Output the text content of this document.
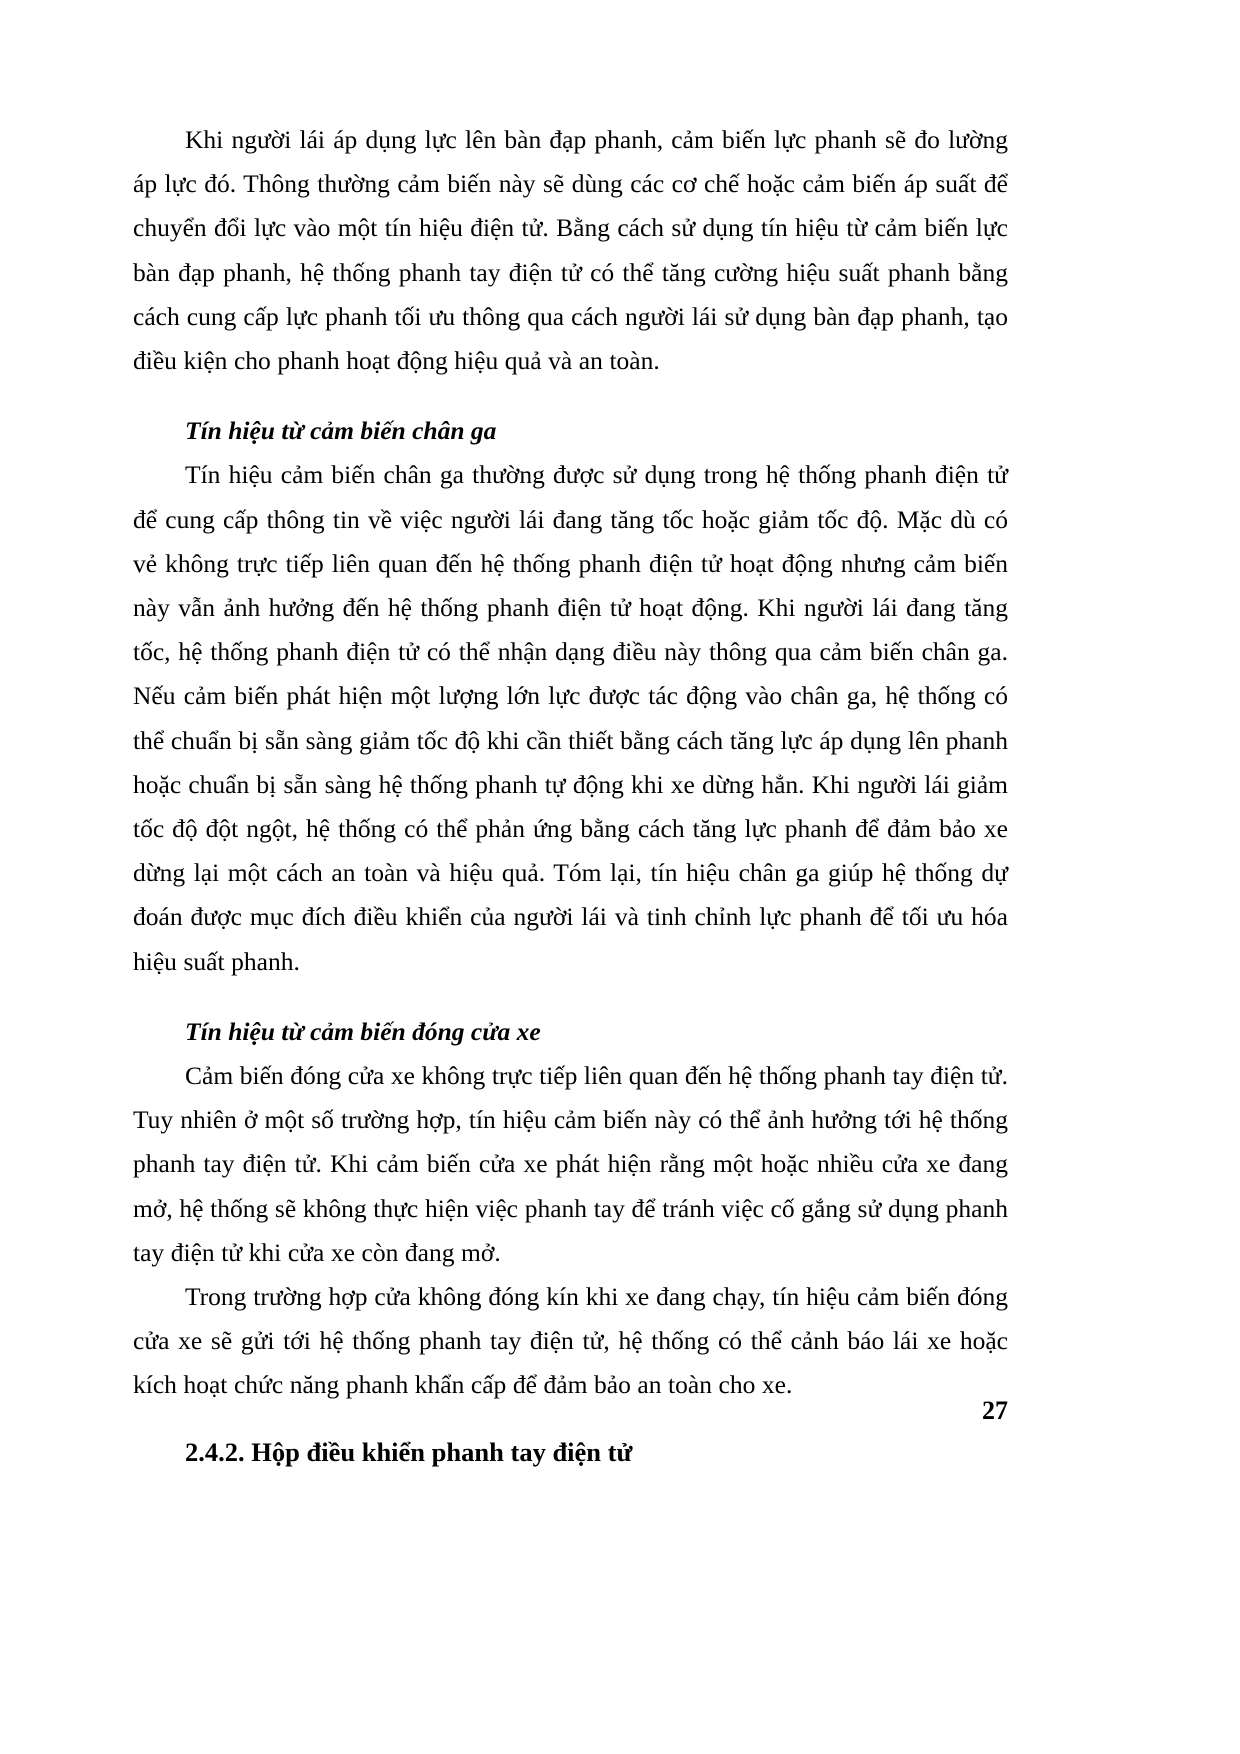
Khi người lái áp dụng lực lên bàn đạp phanh, cảm biến lực phanh sẽ đo lường áp lực đó. Thông thường cảm biến này sẽ dùng các cơ chế hoặc cảm biến áp suất để chuyển đổi lực vào một tín hiệu điện tử. Bằng cách sử dụng tín hiệu từ cảm biến lực bàn đạp phanh, hệ thống phanh tay điện tử có thể tăng cường hiệu suất phanh bằng cách cung cấp lực phanh tối ưu thông qua cách người lái sử dụng bàn đạp phanh, tạo điều kiện cho phanh hoạt động hiệu quả và an toàn.

Tín hiệu từ cảm biến chân ga

Tín hiệu cảm biến chân ga thường được sử dụng trong hệ thống phanh điện tử để cung cấp thông tin về việc người lái đang tăng tốc hoặc giảm tốc độ. Mặc dù có vẻ không trực tiếp liên quan đến hệ thống phanh điện tử hoạt động nhưng cảm biến này vẫn ảnh hưởng đến hệ thống phanh điện tử hoạt động. Khi người lái đang tăng tốc, hệ thống phanh điện tử có thể nhận dạng điều này thông qua cảm biến chân ga. Nếu cảm biến phát hiện một lượng lớn lực được tác động vào chân ga, hệ thống có thể chuẩn bị sẵn sàng giảm tốc độ khi cần thiết bằng cách tăng lực áp dụng lên phanh hoặc chuẩn bị sẵn sàng hệ thống phanh tự động khi xe dừng hẳn. Khi người lái giảm tốc độ đột ngột, hệ thống có thể phản ứng bằng cách tăng lực phanh để đảm bảo xe dừng lại một cách an toàn và hiệu quả. Tóm lại, tín hiệu chân ga giúp hệ thống dự đoán được mục đích điều khiển của người lái và tinh chỉnh lực phanh để tối ưu hóa hiệu suất phanh.

Tín hiệu từ cảm biến đóng cửa xe

Cảm biến đóng cửa xe không trực tiếp liên quan đến hệ thống phanh tay điện tử. Tuy nhiên ở một số trường hợp, tín hiệu cảm biến này có thể ảnh hưởng tới hệ thống phanh tay điện tử. Khi cảm biến cửa xe phát hiện rằng một hoặc nhiều cửa xe đang mở, hệ thống sẽ không thực hiện việc phanh tay để tránh việc cố gắng sử dụng phanh tay điện tử khi cửa xe còn đang mở.

Trong trường hợp cửa không đóng kín khi xe đang chạy, tín hiệu cảm biến đóng cửa xe sẽ gửi tới hệ thống phanh tay điện tử, hệ thống có thể cảnh báo lái xe hoặc kích hoạt chức năng phanh khẩn cấp để đảm bảo an toàn cho xe.

2.4.2. Hộp điều khiển phanh tay điện tử
27
